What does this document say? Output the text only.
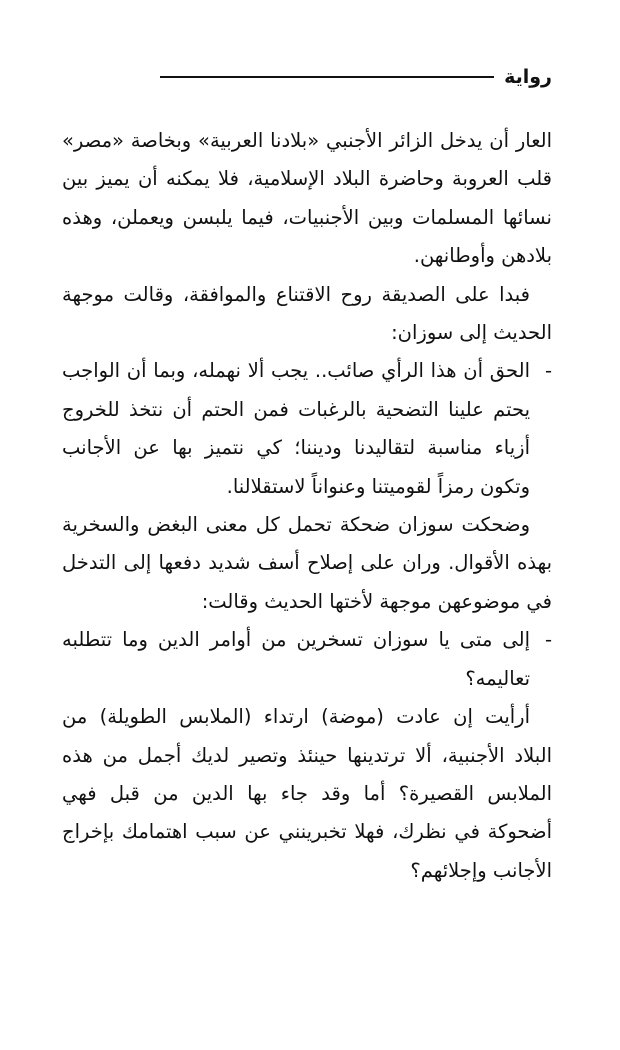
رواية

العار أن يدخل الزائر الأجنبي «بلادنا العربية» وبخاصة «مصر» قلب العروبة وحاضرة البلاد الإسلامية، فلا يمكنه أن يميز بين نسائها المسلمات وبين الأجنبيات، فيما يلبسن ويعملن، وهذه بلادهن وأوطانهن.

فبدا على الصديقة روح الاقتناع والموافقة، وقالت موجهة الحديث إلى سوزان:

-

الحق أن هذا الرأي صائب.. يجب ألا نهمله، وبما أن الواجب يحتم علينا التضحية بالرغبات فمن الحتم أن نتخذ للخروج أزياء مناسبة لتقاليدنا وديننا؛ كي نتميز بها عن الأجانب وتكون رمزاً لقوميتنا وعنواناً لاستقلالنا.

وضحكت سوزان ضحكة تحمل كل معنى البغض والسخرية بهذه الأقوال. وران على إصلاح أسف شديد دفعها إلى التدخل في موضوعهن موجهة لأختها الحديث وقالت:

-

إلى متى يا سوزان تسخرين من أوامر الدين وما تتطلبه تعاليمه؟

أرأيت إن عادت (موضة) ارتداء (الملابس الطويلة) من البلاد الأجنبية، ألا ترتدينها حينئذ وتصير لديك أجمل من هذه الملابس القصيرة؟ أما وقد جاء بها الدين من قبل فهي أضحوكة في نظرك، فهلا تخبرينني عن سبب اهتمامك بإخراج الأجانب وإجلائهم؟
